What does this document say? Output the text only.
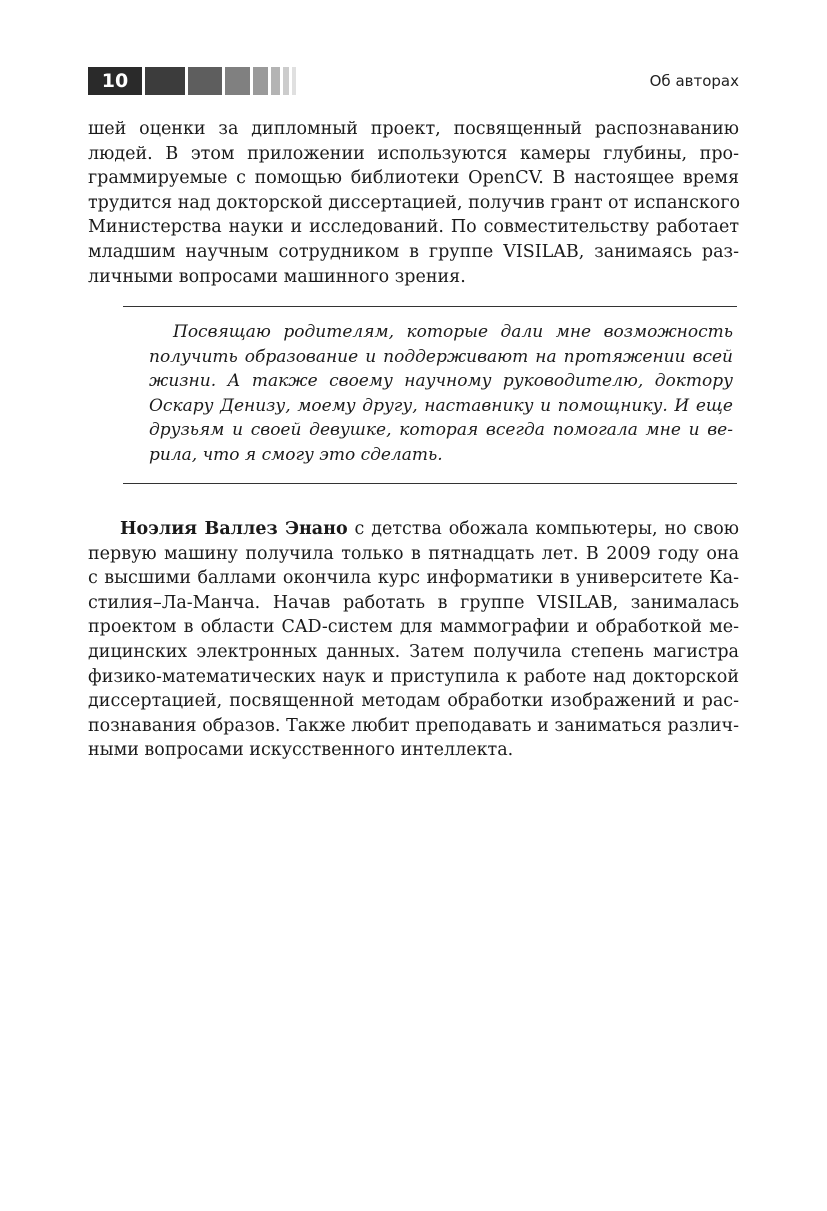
10	Об авторах
шей оценки за дипломный проект, посвященный распознаванию
людей. В этом приложении используются камеры глубины, про-
граммируемые с помощью библиотеки OpenCV. В настоящее время
трудится над докторской диссертацией, получив грант от испанского
Министерства науки и исследований. По совместительству работает
младшим научным сотрудником в группе VISILAB, занимаясь раз-
личными вопросами машинного зрения.
Посвящаю родителям, которые дали мне возможность
получить образование и поддерживают на протяжении всей
жизни. А также своему научному руководителю, доктору
Оскару Денизу, моему другу, наставнику и помощнику. И еще
друзьям и своей девушке, которая всегда помогала мне и ве-
рила, что я смогу это сделать.
Ноэлия Валлез Энано с детства обожала компьютеры, но свою
первую машину получила только в пятнадцать лет. В 2009 году она
с высшими баллами окончила курс информатики в университете Ка-
стилия–Ла-Манча. Начав работать в группе VISILAB, занималась
проектом в области CAD-систем для маммографии и обработкой ме-
дицинских электронных данных. Затем получила степень магистра
физико-математических наук и приступила к работе над докторской
диссертацией, посвященной методам обработки изображений и рас-
познавания образов. Также любит преподавать и заниматься различ-
ными вопросами искусственного интеллекта.
